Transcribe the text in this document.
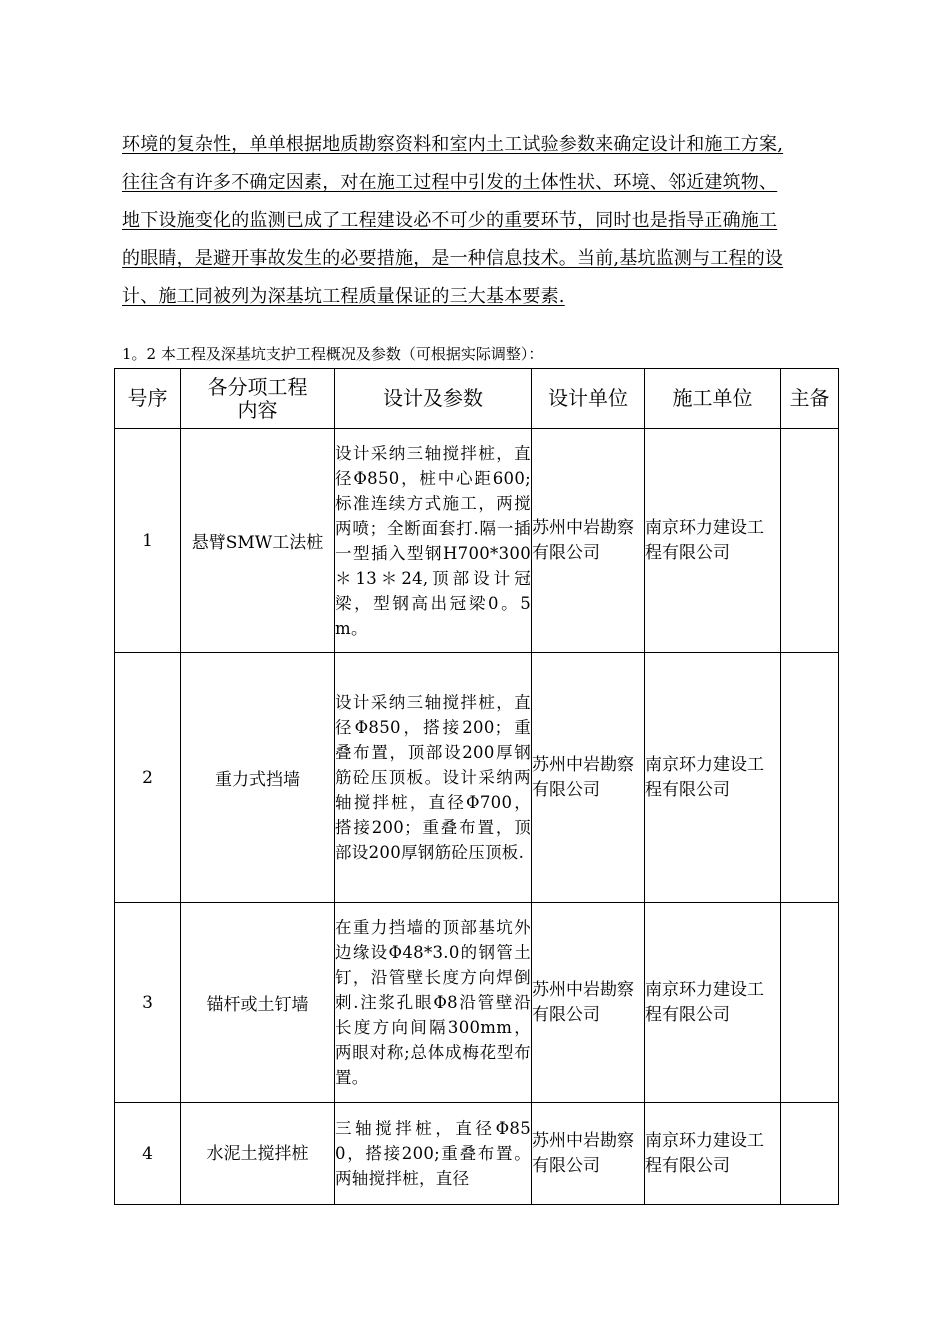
环境的复杂性，单单根据地质勘察资料和室内土工试验参数来确定设计和施工方案,
往往含有许多不确定因素，对在施工过程中引发的土体性状、环境、邻近建筑物、
地下设施变化的监测已成了工程建设必不可少的重要环节，同时也是指导正确施工
的眼睛，是避开事故发生的必要措施，是一种信息技术。当前,基坑监测与工程的设
计、施工同被列为深基坑工程质量保证的三大基本要素.
1。2 本工程及深基坑支护工程概况及参数（可根据实际调整）：
号序	各分项工程内容	设计及参数	设计单位	施工单位	主备
1	悬臂SMW工法桩	设计采纳三轴搅拌桩，直径Φ850，桩中心距600;标准连续方式施工，两搅两喷；全断面套打.隔一插一型插入型钢H700*300＊13＊24,顶部设计冠梁，型钢高出冠梁0。5m。	苏州中岩勘察有限公司	南京环力建设工程有限公司	
2	重力式挡墙	设计采纳三轴搅拌桩，直径Φ850，搭接200；重叠布置，顶部设200厚钢筋砼压顶板。设计采纳两轴搅拌桩，直径Φ700，搭接200；重叠布置，顶部设200厚钢筋砼压顶板.	苏州中岩勘察有限公司	南京环力建设工程有限公司	
3	锚杆或土钉墙	在重力挡墙的顶部基坑外边缘设Φ48*3.0的钢管土钉，沿管壁长度方向焊倒刺.注浆孔眼Φ8沿管壁沿长度方向间隔300mm，两眼对称;总体成梅花型布置。	苏州中岩勘察有限公司	南京环力建设工程有限公司	
4	水泥土搅拌桩	三轴搅拌桩，直径Φ850，搭接200;重叠布置。两轴搅拌桩，直径	苏州中岩勘察有限公司	南京环力建设工程有限公司	
